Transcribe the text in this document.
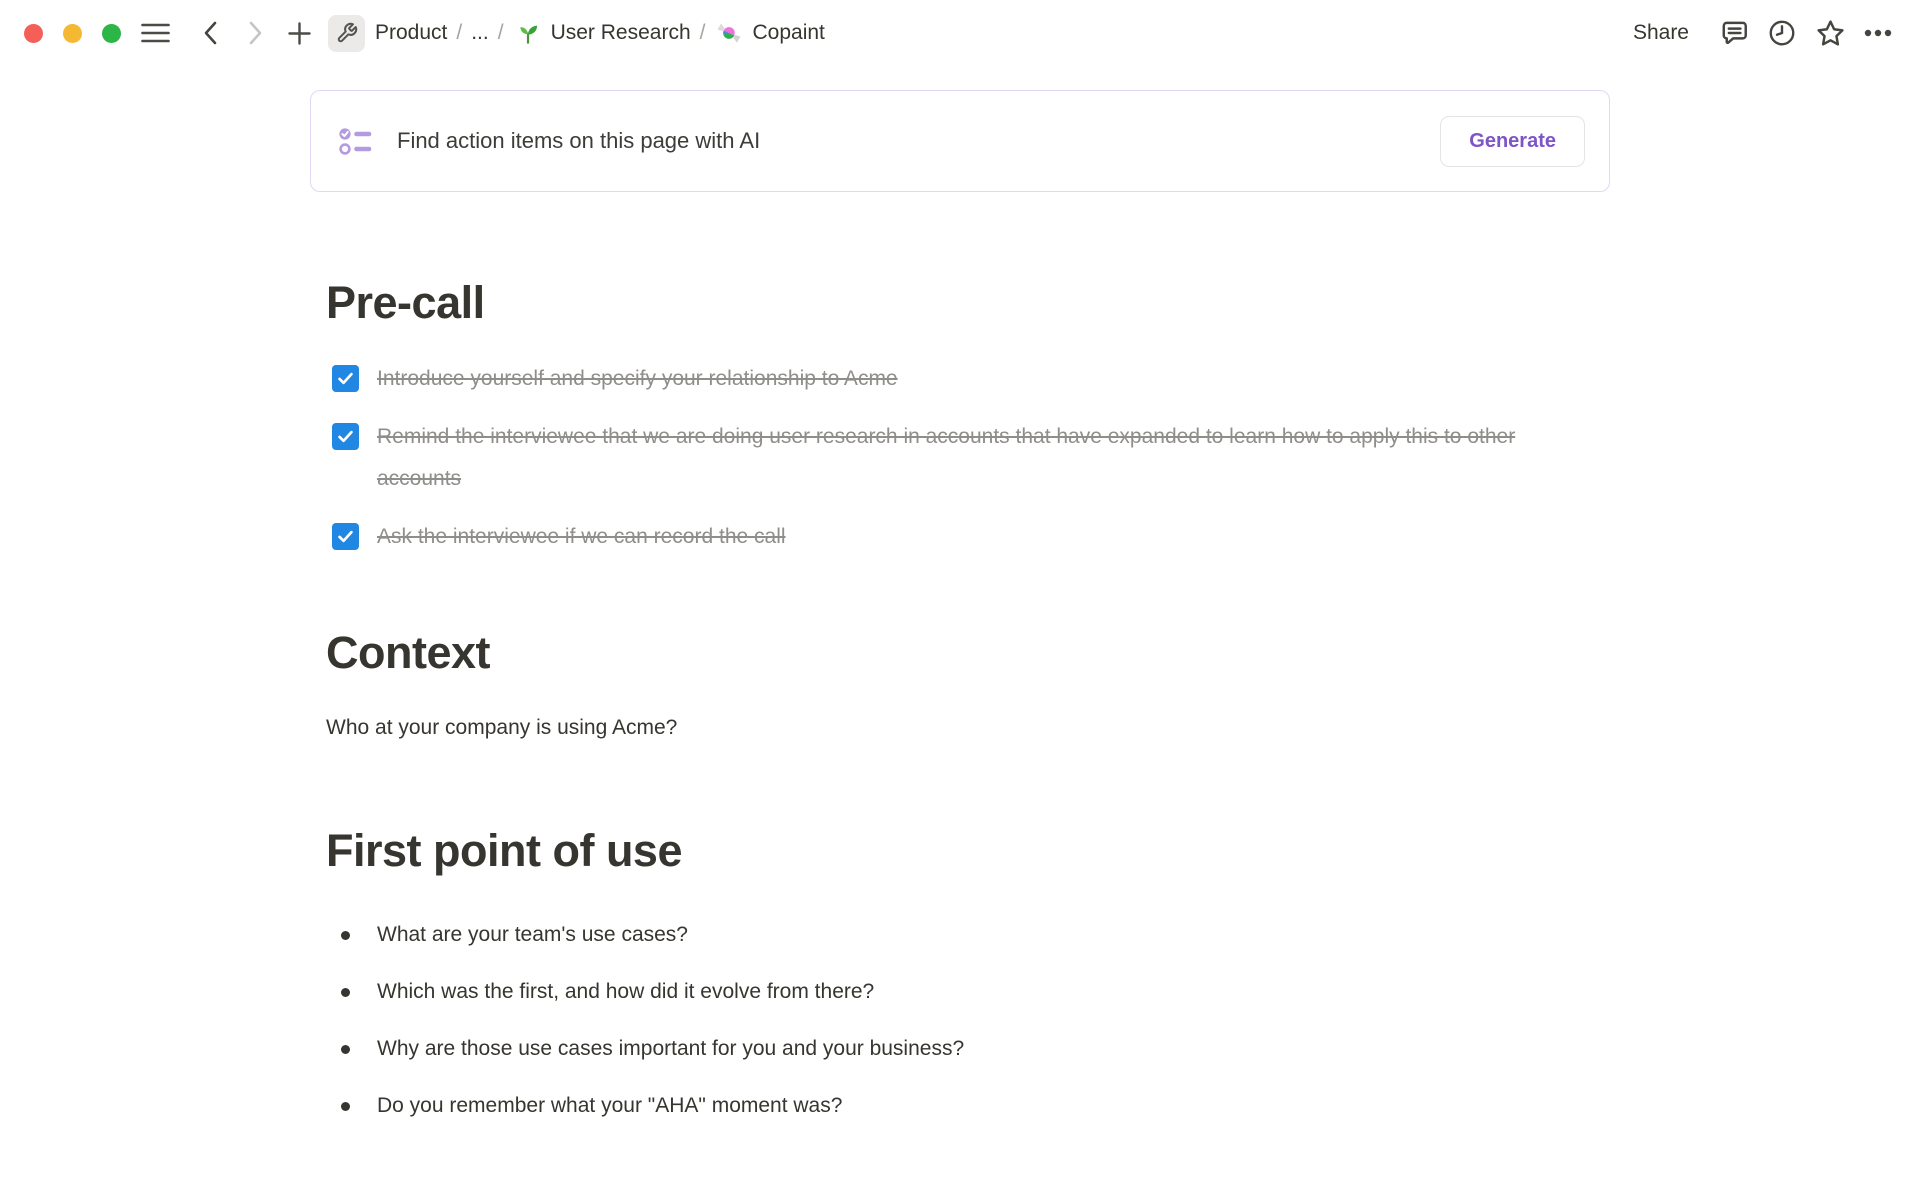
Product / ... / User Research / Copaint	Share
Find action items on this page with AI	Generate
Pre-call
Introduce yourself and specify your relationship to Acme
Remind the interviewee that we are doing user research in accounts that have expanded to learn how to apply this to other accounts
Ask the interviewee if we can record the call
Context

Who at your company is using Acme?

First point of use
What are your team's use cases?
Which was the first, and how did it evolve from there?
Why are those use cases important for you and your business?
Do you remember what your "AHA" moment was?
